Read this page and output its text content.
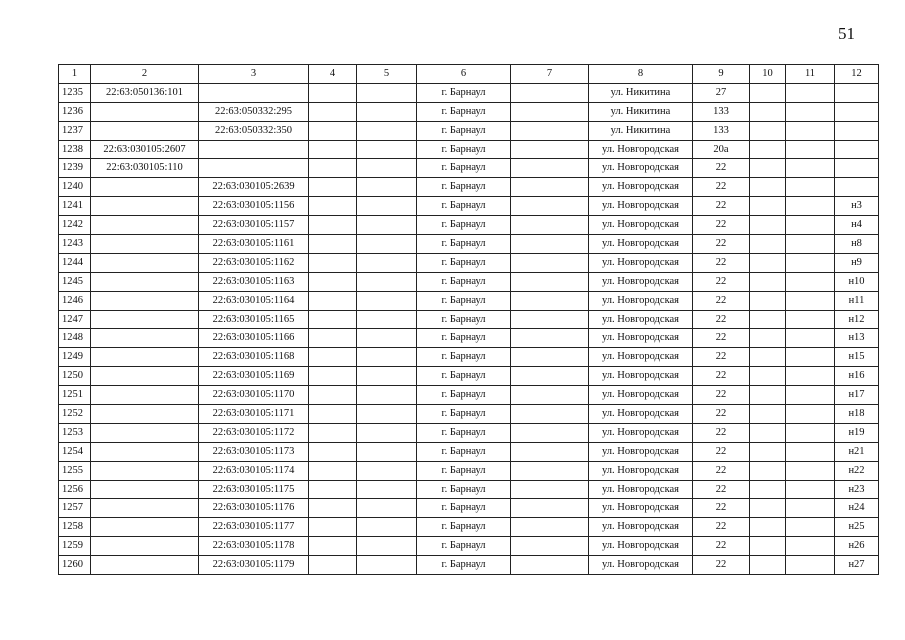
51
1	2	3	4	5	6	7	8	9	10	11	12
1235	22:63:050136:101				г. Барнаул		ул. Никитина	27			
1236		22:63:050332:295			г. Барнаул		ул. Никитина	133			
1237		22:63:050332:350			г. Барнаул		ул. Никитина	133			
1238	22:63:030105:2607				г. Барнаул		ул. Новгородская	20а			
1239	22:63:030105:110				г. Барнаул		ул. Новгородская	22			
1240		22:63:030105:2639			г. Барнаул		ул. Новгородская	22			
1241		22:63:030105:1156			г. Барнаул		ул. Новгородская	22			н3
1242		22:63:030105:1157			г. Барнаул		ул. Новгородская	22			н4
1243		22:63:030105:1161			г. Барнаул		ул. Новгородская	22			н8
1244		22:63:030105:1162			г. Барнаул		ул. Новгородская	22			н9
1245		22:63:030105:1163			г. Барнаул		ул. Новгородская	22			н10
1246		22:63:030105:1164			г. Барнаул		ул. Новгородская	22			н11
1247		22:63:030105:1165			г. Барнаул		ул. Новгородская	22			н12
1248		22:63:030105:1166			г. Барнаул		ул. Новгородская	22			н13
1249		22:63:030105:1168			г. Барнаул		ул. Новгородская	22			н15
1250		22:63:030105:1169			г. Барнаул		ул. Новгородская	22			н16
1251		22:63:030105:1170			г. Барнаул		ул. Новгородская	22			н17
1252		22:63:030105:1171			г. Барнаул		ул. Новгородская	22			н18
1253		22:63:030105:1172			г. Барнаул		ул. Новгородская	22			н19
1254		22:63:030105:1173			г. Барнаул		ул. Новгородская	22			н21
1255		22:63:030105:1174			г. Барнаул		ул. Новгородская	22			н22
1256		22:63:030105:1175			г. Барнаул		ул. Новгородская	22			н23
1257		22:63:030105:1176			г. Барнаул		ул. Новгородская	22			н24
1258		22:63:030105:1177			г. Барнаул		ул. Новгородская	22			н25
1259		22:63:030105:1178			г. Барнаул		ул. Новгородская	22			н26
1260		22:63:030105:1179			г. Барнаул		ул. Новгородская	22			н27
